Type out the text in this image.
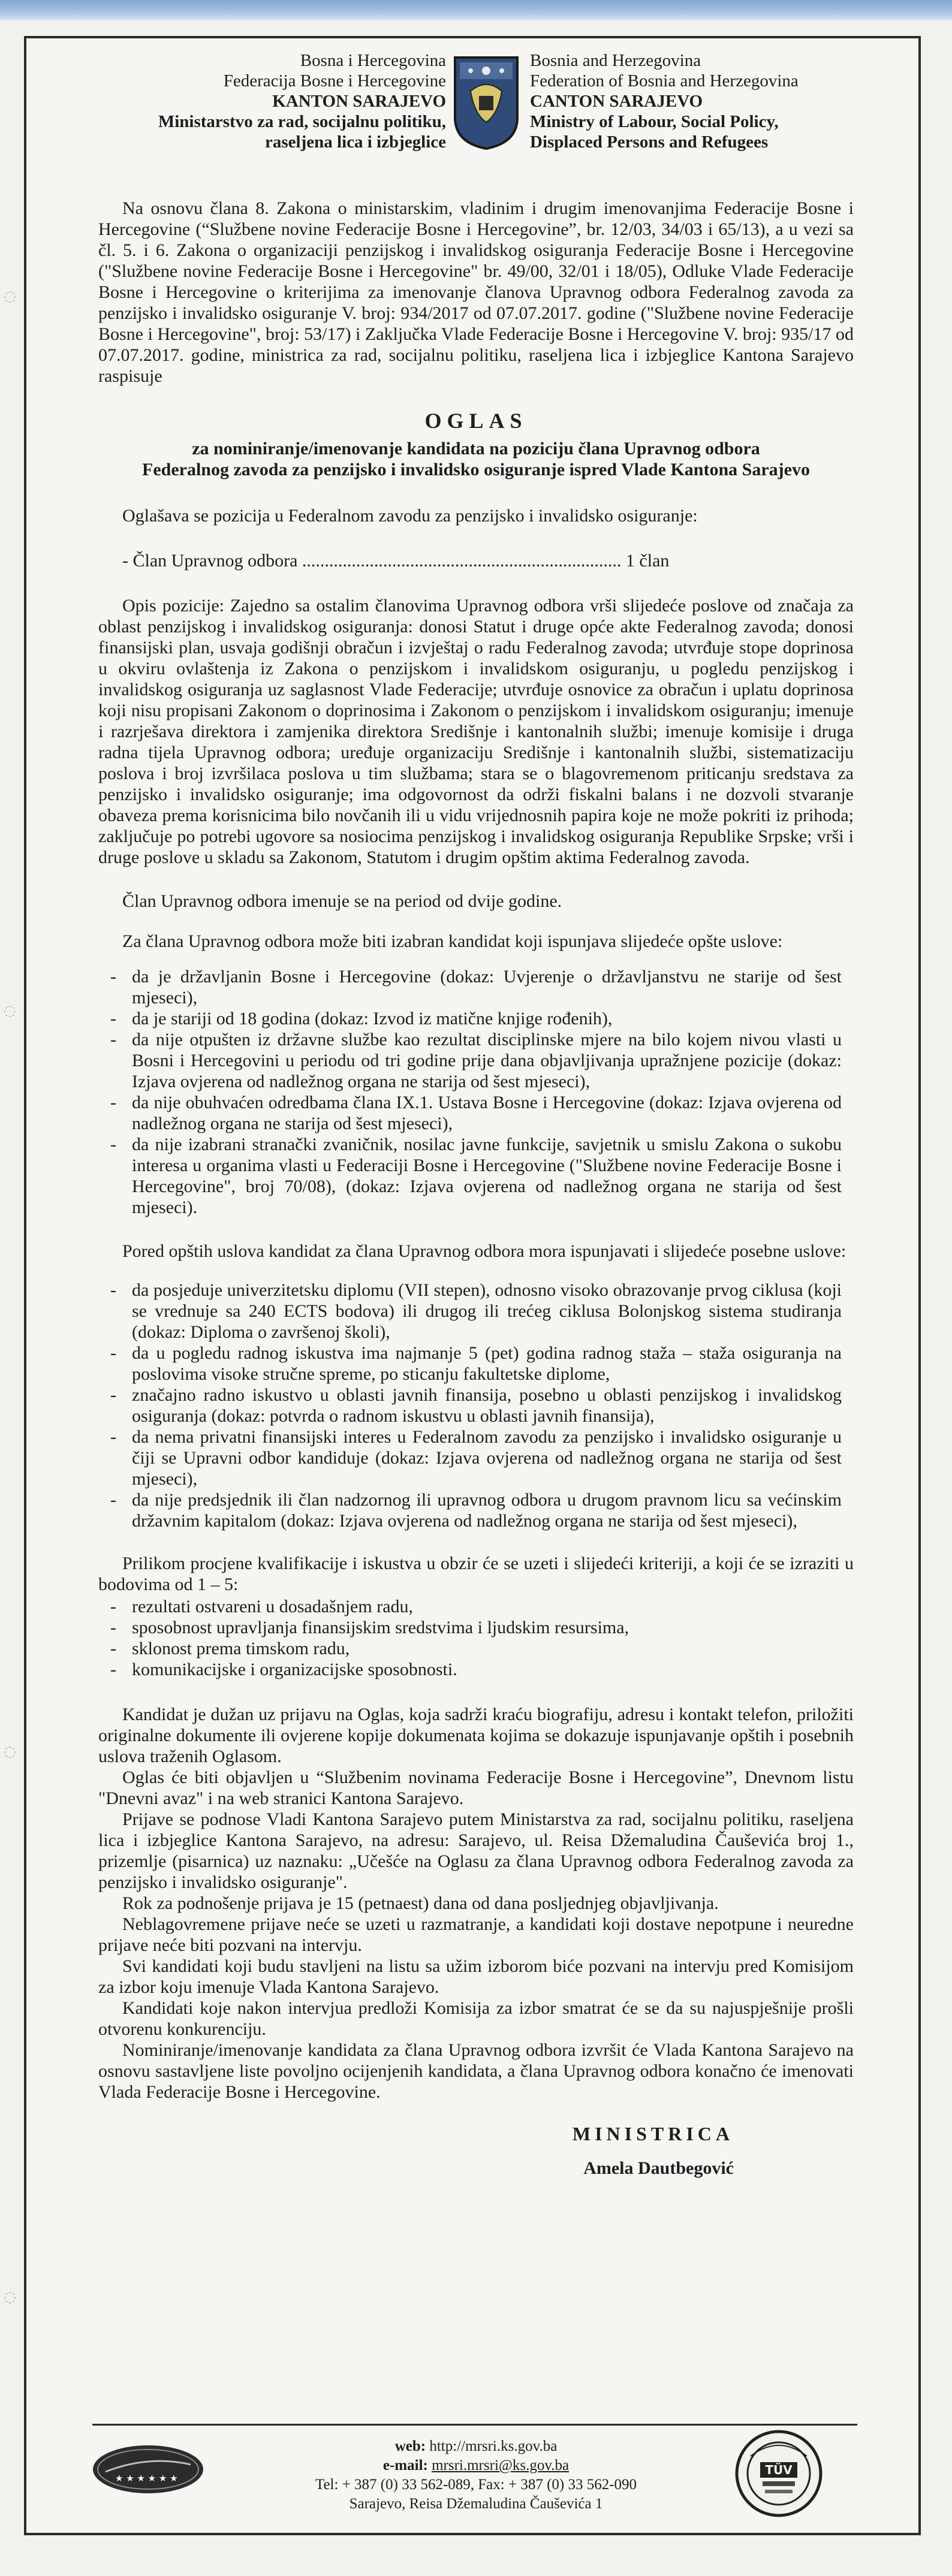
Bosna i Hercegovina
Federacija Bosne i Hercegovine
KANTON SARAJEVO
Ministarstvo za rad, socijalnu politiku,
raseljena lica i izbjeglice
Bosnia and Herzegovina
Federation of Bosnia and Herzegovina
CANTON SARAJEVO
Ministry of Labour, Social Policy,
Displaced Persons and Refugees

Na osnovu člana 8. Zakona o ministarskim, vladinim i drugim imenovanjima Federacije Bosne i Hercegovine (“Službene novine Federacije Bosne i Hercegovine”, br. 12/03, 34/03 i 65/13), a u vezi sa čl. 5. i 6. Zakona o organizaciji penzijskog i invalidskog osiguranja Federacije Bosne i Hercegovine ("Službene novine Federacije Bosne i Hercegovine" br. 49/00, 32/01 i 18/05), Odluke Vlade Federacije Bosne i Hercegovine o kriterijima za imenovanje članova Upravnog odbora Federalnog zavoda za penzijsko i invalidsko osiguranje V. broj: 934/2017 od 07.07.2017. godine ("Službene novine Federacije Bosne i Hercegovine", broj: 53/17) i Zaključka Vlade Federacije Bosne i Hercegovine V. broj: 935/17 od 07.07.2017. godine, ministrica za rad, socijalnu politiku, raseljena lica i izbjeglice Kantona Sarajevo raspisuje

OGLAS
za nominiranje/imenovanje kandidata na poziciju člana Upravnog odbora
Federalnog zavoda za penzijsko i invalidsko osiguranje ispred Vlade Kantona Sarajevo

Oglašava se pozicija u Federalnom zavodu za penzijsko i invalidsko osiguranje:

- Član Upravnog odbora ....................................................................... 1 član

Opis pozicije: Zajedno sa ostalim članovima Upravnog odbora vrši slijedeće poslove od značaja za oblast penzijskog i invalidskog osiguranja: donosi Statut i druge opće akte Federalnog zavoda; donosi finansijski plan, usvaja godišnji obračun i izvještaj o radu Federalnog zavoda; utvrđuje stope doprinosa u okviru ovlaštenja iz Zakona o penzijskom i invalidskom osiguranju, u pogledu penzijskog i invalidskog osiguranja uz saglasnost Vlade Federacije; utvrđuje osnovice za obračun i uplatu doprinosa koji nisu propisani Zakonom o doprinosima i Zakonom o penzijskom i invalidskom osiguranju; imenuje i razrješava direktora i zamjenika direktora Središnje i kantonalnih službi; imenuje komisije i druga radna tijela Upravnog odbora; uređuje organizaciju Središnje i kantonalnih službi, sistematizaciju poslova i broj izvršilaca poslova u tim službama; stara se o blagovremenom priticanju sredstava za penzijsko i invalidsko osiguranje; ima odgovornost da održi fiskalni balans i ne dozvoli stvaranje obaveza premа korisnicima bilo novčanih ili u vidu vrijednosnih papira koje ne može pokriti iz prihoda; zaključuje po potrebi ugovore sa nosiocima penzijskog i invalidskog osiguranja Republike Srpske; vrši i druge poslove u skladu sa Zakonom, Statutom i drugim opštim aktima Federalnog zavoda.

Član Upravnog odbora imenuje se na period od dvije godine.

Za člana Upravnog odbora može biti izabran kandidat koji ispunjava slijedeće opšte uslove:

- da je državljanin Bosne i Hercegovine (dokaz: Uvjerenje o državljanstvu ne starije od šest mjeseci),
- da je stariji od 18 godina (dokaz: Izvod iz matične knjige rođenih),
- da nije otpušten iz državne službe kao rezultat disciplinske mjere na bilo kojem nivou vlasti u Bosni i Hercegovini u periodu od tri godine prije dana objavljivanja upražnjene pozicije (dokaz: Izjava ovjerena od nadležnog organa ne starija od šest mjeseci),
- da nije obuhvaćen odredbama člana IX.1. Ustava Bosne i Hercegovine (dokaz: Izjava ovjerena od nadležnog organa ne starija od šest mjeseci),
- da nije izabrani stranački zvaničnik, nosilac javne funkcije, savjetnik u smislu Zakona o sukobu interesa u organima vlasti u Federaciji Bosne i Hercegovine ("Službene novine Federacije Bosne i Hercegovine", broj 70/08), (dokaz: Izjava ovjerena od nadležnog organa ne starija od šest mjeseci).

Pored opštih uslova kandidat za člana Upravnog odbora mora ispunjavati i slijedeće posebne uslove:

- da posjeduje univerzitetsku diplomu (VII stepen), odnosno visoko obrazovanje prvog ciklusa (koji se vrednuje sa 240 ECTS bodova) ili drugog ili trećeg ciklusa Bolonjskog sistema studiranja (dokaz: Diploma o završenoj školi),
- da u pogledu radnog iskustva ima najmanje 5 (pet) godina radnog staža – staža osiguranja na poslovima visoke stručne spreme, po sticanju fakultetske diplome,
- značajno radno iskustvo u oblasti javnih finansija, posebno u oblasti penzijskog i invalidskog osiguranja (dokaz: potvrda o radnom iskustvu u oblasti javnih finansija),
- da nema privatni finansijski interes u Federalnom zavodu za penzijsko i invalidsko osiguranje u čiji se Upravni odbor kandiduje (dokaz: Izjava ovjerena od nadležnog organa ne starija od šest mjeseci),
- da nije predsjednik ili član nadzornog ili upravnog odbora u drugom pravnom licu sa većinskim državnim kapitalom (dokaz: Izjava ovjerena od nadležnog organa ne starija od šest mjeseci),

Prilikom procjene kvalifikacije i iskustva u obzir će se uzeti i slijedeći kriteriji, a koji će se izraziti u bodovima od 1 – 5:

- rezultati ostvareni u dosadašnjem radu,
- sposobnost upravljanja finansijskim sredstvima i ljudskim resursima,
- sklonost prema timskom radu,
- komunikacijske i organizacijske sposobnosti.

Kandidat je dužan uz prijavu na Oglas, koja sadrži kraću biografiju, adresu i kontakt telefon, priložiti originalne dokumente ili ovjerene kopije dokumenata kojima se dokazuje ispunjavanje opštih i posebnih uslova traženih Oglasom.

Oglas će biti objavljen u “Službenim novinama Federacije Bosne i Hercegovine”, Dnevnom listu "Dnevni avaz" i na web stranici Kantona Sarajevo.

Prijave se podnose Vladi Kantona Sarajevo putem Ministarstva za rad, socijalnu politiku, raseljena lica i izbjeglice Kantona Sarajevo, na adresu: Sarajevo, ul. Reisa Džemaludina Čauševića broj 1., prizemlje (pisarnica) uz naznaku: „Učešće na Oglasu za člana Upravnog odbora Federalnog zavoda za penzijsko i invalidsko osiguranje".

Rok za podnošenje prijava je 15 (petnaest) dana od dana posljednjeg objavljivanja.

Neblagovremene prijave neće se uzeti u razmatranje, a kandidati koji dostave nepotpune i neuredne prijave neće biti pozvani na intervju.

Svi kandidati koji budu stavljeni na listu sa užim izborom biće pozvani na intervju pred Komisijom za izbor koju imenuje Vlada Kantona Sarajevo.

Kandidati koje nakon intervjua predloži Komisija za izbor smatrat će se da su najuspješnije prošli otvorenu konkurenciju.

Nominiranje/imenovanje kandidata za člana Upravnog odbora izvršit će Vlada Kantona Sarajevo na osnovu sastavljene liste povoljno ocijenjenih kandidata, a člana Upravnog odbora konačno će imenovati Vlada Federacije Bosne i Hercegovine.

MINISTRICA
Amela Dautbegović
★ ★ ★ ★ ★ ★
web: http://mrsri.ks.gov.ba
e-mail: mrsri.mrsri@ks.gov.ba
Tel: + 387 (0) 33 562-089, Fax: + 387 (0) 33 562-090
Sarajevo, Reisa Džemaludina Čauševića 1
TÜV
◌
◌
◌
◌
